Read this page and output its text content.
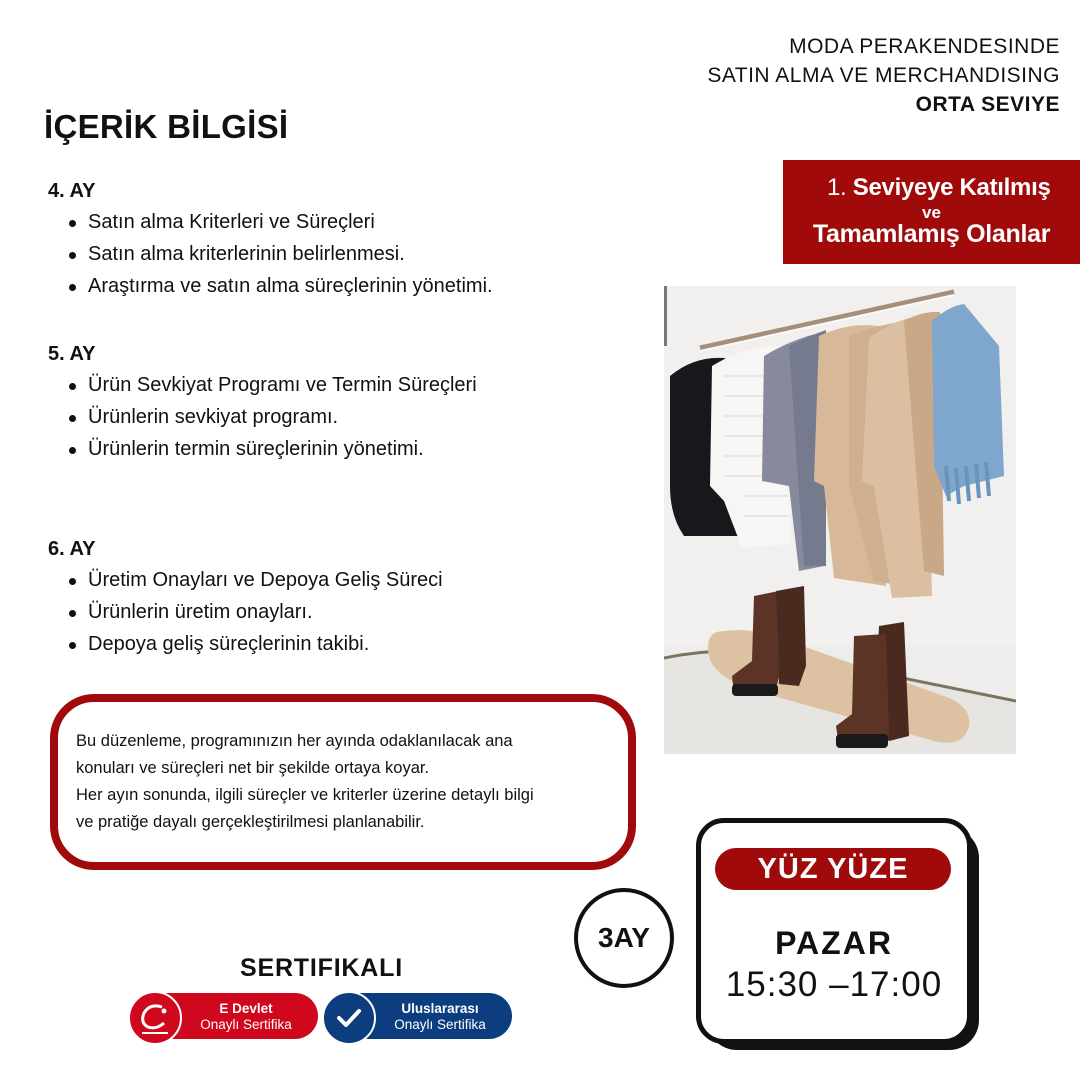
MODA PERAKENDESINDE
SATIN ALMA VE MERCHANDISING
ORTA SEVIYE
İÇERİK BİLGİSİ
4. AY
Satın alma Kriterleri ve Süreçleri
Satın alma kriterlerinin belirlenmesi.
Araştırma ve satın alma süreçlerinin yönetimi.
5. AY
Ürün Sevkiyat Programı ve Termin Süreçleri
Ürünlerin sevkiyat programı.
Ürünlerin termin süreçlerinin yönetimi.
6. AY
Üretim Onayları ve Depoya Geliş Süreci
Ürünlerin üretim onayları.
Depoya geliş süreçlerinin takibi.
1. Seviyeye Katılmış
ve
Tamamlamış Olanlar

Bu düzenleme, programınızın her ayında odaklanılacak ana
konuları ve süreçleri net bir şekilde ortaya koyar.
Her ayın sonunda, ilgili süreçler ve kriterler üzerine detaylı bilgi
ve pratiğe dayalı gerçekleştirilmesi planlanabilir.

SERTIFIKALI
E Devlet
Onaylı Sertifika
Uluslararası
Onaylı Sertifika
3AY
YÜZ YÜZE
PAZAR
15:30 –17:00
